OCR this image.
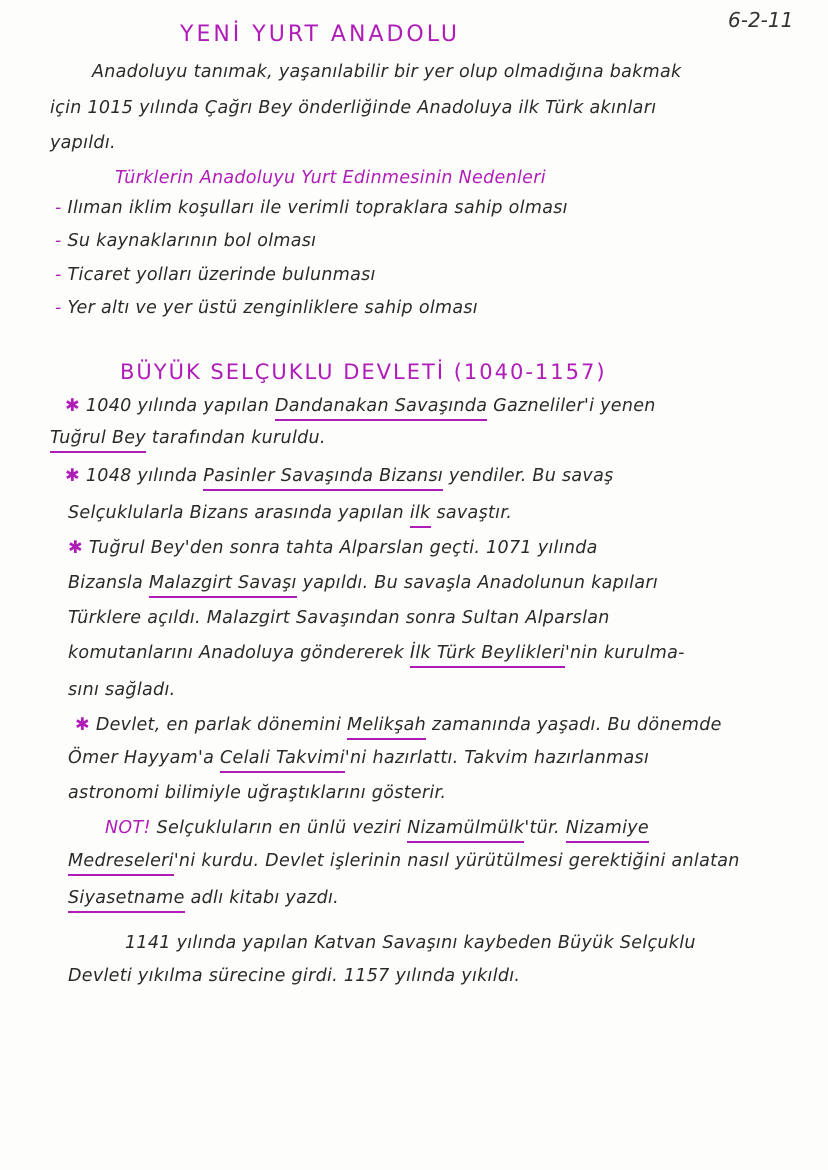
6-2-11
YENİ YURT ANADOLU
Anadoluyu tanımak, yaşanılabilir bir yer olup olmadığına bakmak
için 1015 yılında Çağrı Bey önderliğinde Anadoluya ilk Türk akınları
yapıldı.
Türklerin Anadoluyu Yurt Edinmesinin Nedenleri
- Ilıman iklim koşulları ile verimli topraklara sahip olması
- Su kaynaklarının bol olması
- Ticaret yolları üzerinde bulunması
- Yer altı ve yer üstü zenginliklere sahip olması
BÜYÜK SELÇUKLU DEVLETİ (1040-1157)
✱ 1040 yılında yapılan Dandanakan Savaşında Gazneliler'i yenen
Tuğrul Bey tarafından kuruldu.
✱ 1048 yılında Pasinler Savaşında Bizansı yendiler. Bu savaş
Selçuklularla Bizans arasında yapılan ilk savaştır.
✱ Tuğrul Bey'den sonra tahta Alparslan geçti. 1071 yılında
Bizansla Malazgirt Savaşı yapıldı. Bu savaşla Anadolunun kapıları
Türklere açıldı. Malazgirt Savaşından sonra Sultan Alparslan
komutanlarını Anadoluya göndererek İlk Türk Beylikleri'nin kurulma-
sını sağladı.
✱ Devlet, en parlak dönemini Melikşah zamanında yaşadı. Bu dönemde
Ömer Hayyam'a Celali Takvimi'ni hazırlattı. Takvim hazırlanması
astronomi bilimiyle uğraştıklarını gösterir.
NOT! Selçukluların en ünlü veziri Nizamülmülk'tür. Nizamiye
Medreseleri'ni kurdu. Devlet işlerinin nasıl yürütülmesi gerektiğini anlatan
Siyasetname adlı kitabı yazdı.
1141 yılında yapılan Katvan Savaşını kaybeden Büyük Selçuklu
Devleti yıkılma sürecine girdi. 1157 yılında yıkıldı.
